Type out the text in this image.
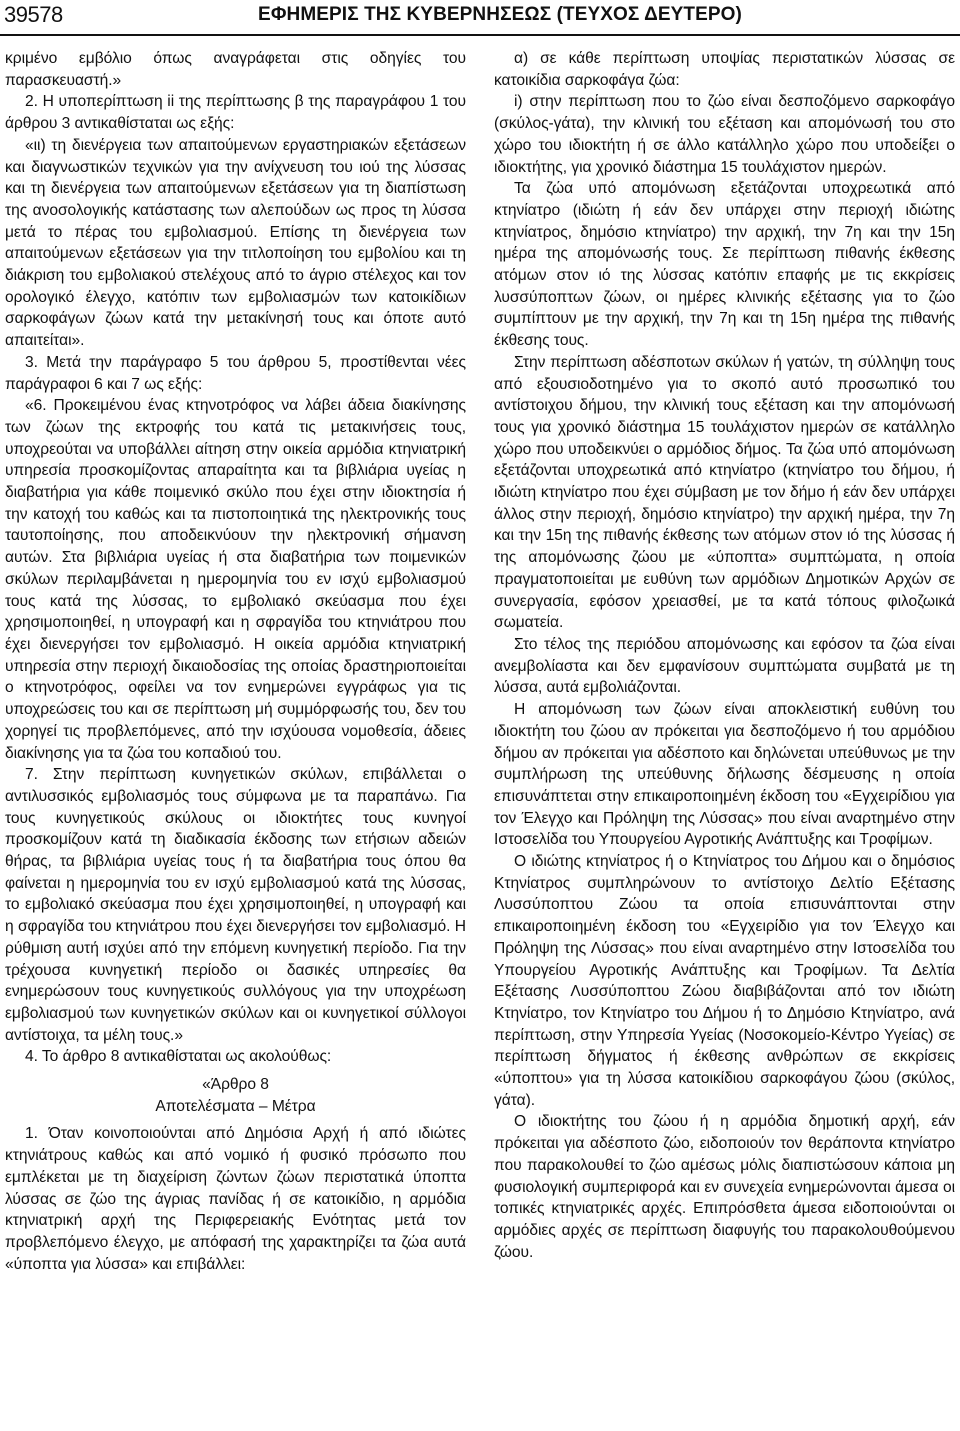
39578	ΕΦΗΜΕΡΙΣ ΤΗΣ ΚΥΒΕΡΝΗΣΕΩΣ (ΤΕΥΧΟΣ ΔΕΥΤΕΡΟ)

κριμένο εμβόλιο όπως αναγράφεται στις οδηγίες του παρασκευαστή.»

2. Η υποπερίπτωση ii της περίπτωσης β της παραγράφου 1 του άρθρου 3 αντικαθίσταται ως εξής:

«ιι) τη διενέργεια των απαιτούμενων εργαστηριακών εξετάσεων και διαγνωστικών τεχνικών για την ανίχνευση του ιού της λύσσας και τη διενέργεια των απαιτούμενων εξετάσεων για τη διαπίστωση της ανοσολογικής κατάστασης των αλεπούδων ως προς τη λύσσα μετά το πέρας του εμβολιασμού. Επίσης τη διενέργεια των απαιτούμενων εξετάσεων για την τιτλοποίηση του εμβολίου και τη διάκριση του εμβολιακού στελέχους από το άγριο στέλεχος και τον ορολογικό έλεγχο, κατόπιν των εμβολιασμών των κατοικίδιων σαρκοφάγων ζώων κατά την μετακίνησή τους και όποτε αυτό απαιτείται».

3. Μετά την παράγραφο 5 του άρθρου 5, προστίθενται νέες παράγραφοι 6 και 7 ως εξής:

«6. Προκειμένου ένας κτηνοτρόφος να λάβει άδεια διακίνησης των ζώων της εκτροφής του κατά τις μετακινήσεις τους, υποχρεούται να υποβάλλει αίτηση στην οικεία αρμόδια κτηνιατρική υπηρεσία προσκομίζοντας απαραίτητα και τα βιβλιάρια υγείας η διαβατήρια για κάθε ποιμενικό σκύλο που έχει στην ιδιοκτησία ή την κατοχή του καθώς και τα πιστοποιητικά της ηλεκτρονικής τους ταυτοποίησης, που αποδεικνύουν την ηλεκτρονική σήμανση αυτών. Στα βιβλιάρια υγείας ή στα διαβατήρια των ποιμενικών σκύλων περιλαμβάνεται η ημερομηνία του εν ισχύ εμβολιασμού τους κατά της λύσσας, το εμβολιακό σκεύασμα που έχει χρησιμοποιηθεί, η υπογραφή και η σφραγίδα του κτηνιάτρου που έχει διενεργήσει τον εμβολιασμό. Η οικεία αρμόδια κτηνιατρική υπηρεσία στην περιοχή δικαιοδοσίας της οποίας δραστηριοποιείται ο κτηνοτρόφος, οφείλει να τον ενημερώνει εγγράφως για τις υποχρεώσεις του και σε περίπτωση μή συμμόρφωσής του, δεν του χορηγεί τις προβλεπόμενες, από την ισχύουσα νομοθεσία, άδειες διακίνησης για τα ζώα του κοπαδιού του.

7. Στην περίπτωση κυνηγετικών σκύλων, επιβάλλεται ο αντιλυσσικός εμβολιασμός τους σύμφωνα με τα παραπάνω. Για τους κυνηγετικούς σκύλους οι ιδιοκτήτες τους κυνηγοί προσκομίζουν κατά τη διαδικασία έκδοσης των ετήσιων αδειών θήρας, τα βιβλιάρια υγείας τους ή τα διαβατήρια τους όπου θα φαίνεται η ημερομηνία του εν ισχύ εμβολιασμού κατά της λύσσας, το εμβολιακό σκεύασμα που έχει χρησιμοποιηθεί, η υπογραφή και η σφραγίδα του κτηνιάτρου που έχει διενεργήσει τον εμβολιασμό. Η ρύθμιση αυτή ισχύει από την επόμενη κυνηγετική περίοδο. Για την τρέχουσα κυνηγετική περίοδο οι δασικές υπηρεσίες θα ενημερώσουν τους κυνηγετικούς συλλόγους για την υποχρέωση εμβολιασμού των κυνηγετικών σκύλων και οι κυνηγετικοί σύλλογοι αντίστοιχα, τα μέλη τους.»

4. Το άρθρο 8 αντικαθίσταται ως ακολούθως:

«Άρθρο 8

Αποτελέσματα – Μέτρα

1. Όταν κοινοποιούνται από Δημόσια Αρχή ή από ιδιώτες κτηνιάτρους καθώς και από νομικό ή φυσικό πρόσωπο που εμπλέκεται με τη διαχείριση ζώντων ζώων περιστατικά ύποπτα λύσσας σε ζώο της άγριας πανίδας ή σε κατοικίδιο, η αρμόδια κτηνιατρική αρχή της Περιφερειακής Ενότητας μετά τον προβλεπόμενο έλεγχο, με απόφασή της χαρακτηρίζει τα ζώα αυτά «ύποπτα για λύσσα» και επιβάλλει:

α) σε κάθε περίπτωση υποψίας περιστατικών λύσσας σε κατοικίδια σαρκοφάγα ζώα:

i) στην περίπτωση που το ζώο είναι δεσποζόμενο σαρκοφάγο (σκύλος-γάτα), την κλινική του εξέταση και απομόνωσή του στο χώρο του ιδιοκτήτη ή σε άλλο κατάλληλο χώρο που υποδείξει ο ιδιοκτήτης, για χρονικό διάστημα 15 τουλάχιστον ημερών.

Τα ζώα υπό απομόνωση εξετάζονται υποχρεωτικά από κτηνίατρο (ιδιώτη ή εάν δεν υπάρχει στην περιοχή ιδιώτης κτηνίατρος, δημόσιο κτηνίατρο) την αρχική, την 7η και την 15η ημέρα της απομόνωσής τους. Σε περίπτωση πιθανής έκθεσης ατόμων στον ιό της λύσσας κατόπιν επαφής με τις εκκρίσεις λυσσύποπτων ζώων, οι ημέρες κλινικής εξέτασης για το ζώο συμπίπτουν με την αρχική, την 7η και τη 15η ημέρα της πιθανής έκθεσης τους.

Στην περίπτωση αδέσποτων σκύλων ή γατών, τη σύλληψη τους από εξουσιοδοτημένο για το σκοπό αυτό προσωπικό του αντίστοιχου δήμου, την κλινική τους εξέταση και την απομόνωσή τους για χρονικό διάστημα 15 τουλάχιστον ημερών σε κατάλληλο χώρο που υποδεικνύει ο αρμόδιος δήμος. Τα ζώα υπό απομόνωση εξετάζονται υποχρεωτικά από κτηνίατρο (κτηνίατρο του δήμου, ή ιδιώτη κτηνίατρο που έχει σύμβαση με τον δήμο ή εάν δεν υπάρχει άλλος στην περιοχή, δημόσιο κτηνίατρο) την αρχική ημέρα, την 7η και την 15η της πιθανής έκθεσης των ατόμων στον ιό της λύσσας ή της απομόνωσης ζώου με «ύποπτα» συμπτώματα, η οποία πραγματοποιείται με ευθύνη των αρμόδιων Δημοτικών Αρχών σε συνεργασία, εφόσον χρειασθεί, με τα κατά τόπους φιλοζωικά σωματεία.

Στο τέλος της περιόδου απομόνωσης και εφόσον τα ζώα είναι ανεμβολίαστα και δεν εμφανίσουν συμπτώματα συμβατά με τη λύσσα, αυτά εμβολιάζονται.

Η απομόνωση των ζώων είναι αποκλειστική ευθύνη του ιδιοκτήτη του ζώου αν πρόκειται για δεσποζόμενο ή του αρμόδιου δήμου αν πρόκειται για αδέσποτο και δηλώνεται υπεύθυνως με την συμπλήρωση της υπεύθυνης δήλωσης δέσμευσης η οποία επισυνάπτεται στην επικαιροποιημένη έκδοση του «Εγχειρίδιου για τον Έλεγχο και Πρόληψη της Λύσσας» που είναι αναρτημένο στην Ιστοσελίδα του Υπουργείου Αγροτικής Ανάπτυξης και Τροφίμων.

Ο ιδιώτης κτηνίατρος ή ο Κτηνίατρος του Δήμου και ο δημόσιος Κτηνίατρος συμπληρώνουν το αντίστοιχο Δελτίο Εξέτασης Λυσσύποπτου Ζώου τα οποία επισυνάπτονται στην επικαιροποιημένη έκδοση του «Εγχειρίδιο για τον Έλεγχο και Πρόληψη της Λύσσας» που είναι αναρτημένο στην Ιστοσελίδα του Υπουργείου Αγροτικής Ανάπτυξης και Τροφίμων. Τα Δελτία Εξέτασης Λυσσύποπτου Ζώου διαβιβάζονται από τον ιδιώτη Κτηνίατρο, τον Κτηνίατρο του Δήμου ή το Δημόσιο Κτηνίατρο, ανά περίπτωση, στην Υπηρεσία Υγείας (Νοσοκομείο-Κέντρο Υγείας) σε περίπτωση δήγματος ή έκθεσης ανθρώπων σε εκκρίσεις «ύποπτου» για τη λύσσα κατοικίδιου σαρκοφάγου ζώου (σκύλος, γάτα).

Ο ιδιοκτήτης του ζώου ή η αρμόδια δημοτική αρχή, εάν πρόκειται για αδέσποτο ζώο, ειδοποιούν τον θεράποντα κτηνίατρο που παρακολουθεί το ζώο αμέσως μόλις διαπιστώσουν κάποια μη φυσιολογική συμπεριφορά και εν συνεχεία ενημερώνονται άμεσα οι τοπικές κτηνιατρικές αρχές. Επιπρόσθετα άμεσα ειδοποιούνται οι αρμόδιες αρχές σε περίπτωση διαφυγής του παρακολουθούμενου ζώου.
